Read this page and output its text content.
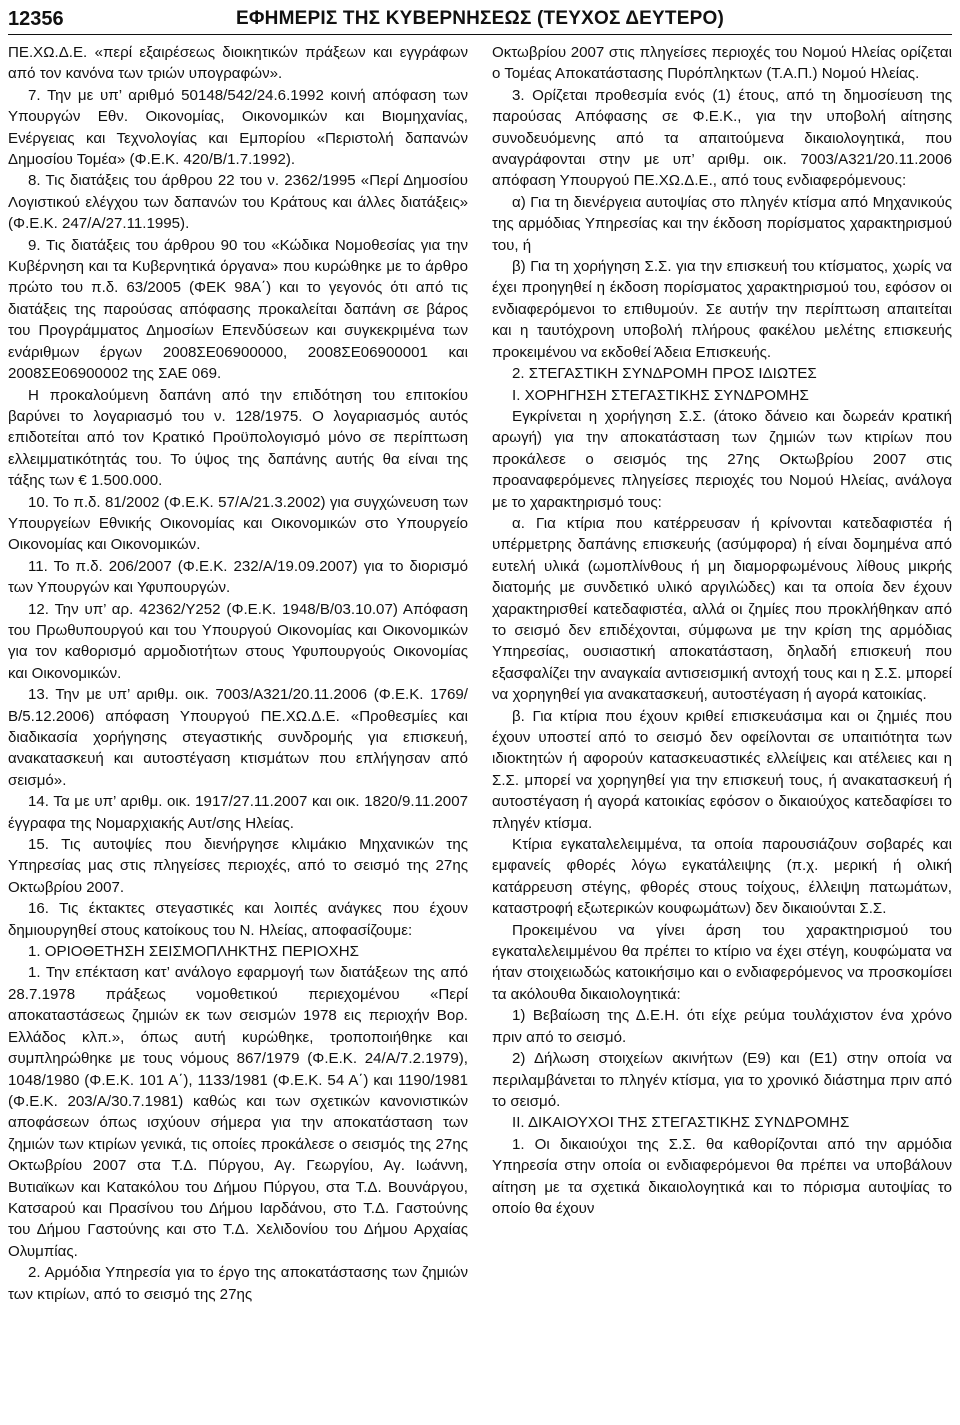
12356	ΕΦΗΜΕΡΙΣ ΤΗΣ ΚΥΒΕΡΝΗΣΕΩΣ (ΤΕΥΧΟΣ ΔΕΥΤΕΡΟ)

ΠΕ.ΧΩ.Δ.Ε. «περί εξαιρέσεως διοικητικών πράξεων και εγγράφων από τον κανόνα των τριών υπογραφών».

7. Την με υπ’ αριθμό 50148/542/24.6.1992 κοινή απόφαση των Υπουργών Εθν. Οικονομίας, Οικονομικών και Βιομηχανίας, Ενέργειας και Τεχνολογίας και Εμπορίου «Περιστολή δαπανών Δημοσίου Τομέα» (Φ.Ε.Κ. 420/Β/1.7.1992).

8. Τις διατάξεις του άρθρου 22 του ν. 2362/1995 «Περί Δημοσίου Λογιστικού ελέγχου των δαπανών του Κράτους και άλλες διατάξεις» (Φ.Ε.Κ. 247/Α/27.11.1995).

9. Τις διατάξεις του άρθρου 90 του «Κώδικα Νομοθεσίας για την Κυβέρνηση και τα Κυβερνητικά όργανα» που κυρώθηκε με το άρθρο πρώτο του π.δ. 63/2005 (ΦΕΚ 98Α΄) και το γεγονός ότι από τις διατάξεις της παρούσας απόφασης προκαλείται δαπάνη σε βάρος του Προγράμματος Δημοσίων Επενδύσεων και συγκεκριμένα των ενάριθμων έργων 2008ΣΕ06900000, 2008ΣΕ06900001 και 2008ΣΕ06900002 της ΣΑΕ 069.

Η προκαλούμενη δαπάνη από την επιδότηση του επιτοκίου βαρύνει το λογαριασμό του ν. 128/1975. Ο λογαριασμός αυτός επιδοτείται από τον Κρατικό Προϋπολογισμό μόνο σε περίπτωση ελλειμματικότητάς του. Το ύψος της δαπάνης αυτής θα είναι της τάξης των € 1.500.000.

10. Το π.δ. 81/2002 (Φ.Ε.Κ. 57/Α/21.3.2002) για συγχώνευση των Υπουργείων Εθνικής Οικονομίας και Οικονομικών στο Υπουργείο Οικονομίας και Οικονομικών.

11. Το π.δ. 206/2007 (Φ.Ε.Κ. 232/Α/19.09.2007) για το διορισμό των Υπουργών και Υφυπουργών.

12. Την υπ’ αρ. 42362/Υ252 (Φ.Ε.Κ. 1948/Β/03.10.07) Απόφαση του Πρωθυπουργού και του Υπουργού Οικονομίας και Οικονομικών για τον καθορισμό αρμοδιοτήτων στους Υφυπουργούς Οικονομίας και Οικονομικών.

13. Την με υπ’ αριθμ. οικ. 7003/Α321/20.11.2006 (Φ.Ε.Κ. 1769/Β/5.12.2006) απόφαση Υπουργού ΠΕ.ΧΩ.Δ.Ε. «Προθεσμίες και διαδικασία χορήγησης στεγαστικής συνδρομής για επισκευή, ανακατασκευή και αυτοστέγαση κτισμάτων που επλήγησαν από σεισμό».

14. Τα με υπ’ αριθμ. οικ. 1917/27.11.2007 και οικ. 1820/9.11.2007 έγγραφα της Νομαρχιακής Αυτ/σης Ηλείας.

15. Τις αυτοψίες που διενήργησε κλιμάκιο Μηχανικών της Υπηρεσίας μας στις πληγείσες περιοχές, από το σεισμό της 27ης Οκτωβρίου 2007.

16. Τις έκτακτες στεγαστικές και λοιπές ανάγκες που έχουν δημιουργηθεί στους κατοίκους του Ν. Ηλείας, αποφασίζουμε:

1. ΟΡΙΟΘΕΤΗΣΗ ΣΕΙΣΜΟΠΛΗΚΤΗΣ ΠΕΡΙΟΧΗΣ

1. Την επέκταση κατ’ ανάλογο εφαρμογή των διατάξεων της από 28.7.1978 πράξεως νομοθετικού περιεχομένου «Περί αποκαταστάσεως ζημιών εκ των σεισμών 1978 εις περιοχήν Βορ. Ελλάδος κλπ.», όπως αυτή κυρώθηκε, τροποποιήθηκε και συμπληρώθηκε με τους νόμους 867/1979 (Φ.Ε.Κ. 24/Α/7.2.1979), 1048/1980 (Φ.Ε.Κ. 101 Α΄), 1133/1981 (Φ.Ε.Κ. 54 Α΄) και 1190/1981 (Φ.Ε.Κ. 203/Α/30.7.1981) καθώς και των σχετικών κανονιστικών αποφάσεων όπως ισχύουν σήμερα για την αποκατάσταση των ζημιών των κτιρίων γενικά, τις οποίες προκάλεσε ο σεισμός της 27ης Οκτωβρίου 2007 στα Τ.Δ. Πύργου, Αγ. Γεωργίου, Αγ. Ιωάννη, Βυτιαϊκων και Κατακόλου του Δήμου Πύργου, στα Τ.Δ. Βουνάργου, Κατσαρού και Πρασίνου του Δήμου Ιαρδάνου, στο Τ.Δ. Γαστούνης του Δήμου Γαστούνης και στο Τ.Δ. Χελιδονίου του Δήμου Αρχαίας Ολυμπίας.

2. Αρμόδια Υπηρεσία για το έργο της αποκατάστασης των ζημιών των κτιρίων, από το σεισμό της 27ης

Οκτωβρίου 2007 στις πληγείσες περιοχές του Νομού Ηλείας ορίζεται ο Τομέας Αποκατάστασης Πυρόπληκτων (Τ.Α.Π.) Νομού Ηλείας.

3. Ορίζεται προθεσμία ενός (1) έτους, από τη δημοσίευση της παρούσας Απόφασης σε Φ.Ε.Κ., για την υποβολή αίτησης συνοδευόμενης από τα απαιτούμενα δικαιολογητικά, που αναγράφονται στην με υπ’ αριθμ. οικ. 7003/Α321/20.11.2006 απόφαση Υπουργού ΠΕ.ΧΩ.Δ.Ε., από τους ενδιαφερόμενους:

α) Για τη διενέργεια αυτοψίας στο πληγέν κτίσμα από Μηχανικούς της αρμόδιας Υπηρεσίας και την έκδοση πορίσματος χαρακτηρισμού του, ή

β) Για τη χορήγηση Σ.Σ. για την επισκευή του κτίσματος, χωρίς να έχει προηγηθεί η έκδοση πορίσματος χαρακτηρισμού του, εφόσον οι ενδιαφερόμενοι το επιθυμούν. Σε αυτήν την περίπτωση απαιτείται και η ταυτόχρονη υποβολή πλήρους φακέλου μελέτης επισκευής προκειμένου να εκδοθεί Άδεια Επισκευής.

2. ΣΤΕΓΑΣΤΙΚΗ ΣΥΝΔΡΟΜΗ ΠΡΟΣ ΙΔΙΩΤΕΣ

Ι. ΧΟΡΗΓΗΣΗ ΣΤΕΓΑΣΤΙΚΗΣ ΣΥΝΔΡΟΜΗΣ

Εγκρίνεται η χορήγηση Σ.Σ. (άτοκο δάνειο και δωρεάν κρατική αρωγή) για την αποκατάσταση των ζημιών των κτιρίων που προκάλεσε ο σεισμός της 27ης Οκτωβρίου 2007 στις προαναφερόμενες πληγείσες περιοχές του Νομού Ηλείας, ανάλογα με το χαρακτηρισμό τους:

α. Για κτίρια που κατέρρευσαν ή κρίνονται κατεδαφιστέα ή υπέρμετρης δαπάνης επισκευής (ασύμφορα) ή είναι δομημένα από ευτελή υλικά (ωμοπλίνθους ή μη διαμορφωμένους λίθους μικρής διατομής με συνδετικό υλικό αργιλώδες) και τα οποία δεν έχουν χαρακτηρισθεί κατεδαφιστέα, αλλά οι ζημίες που προκλήθηκαν από το σεισμό δεν επιδέχονται, σύμφωνα με την κρίση της αρμόδιας Υπηρεσίας, ουσιαστική αποκατάσταση, δηλαδή επισκευή που εξασφαλίζει την αναγκαία αντισεισμική αντοχή τους και η Σ.Σ. μπορεί να χορηγηθεί για ανακατασκευή, αυτοστέγαση ή αγορά κατοικίας.

β. Για κτίρια που έχουν κριθεί επισκευάσιμα και οι ζημιές που έχουν υποστεί από το σεισμό δεν οφείλονται σε υπαιτιότητα των ιδιοκτητών ή αφορούν κατασκευαστικές ελλείψεις και ατέλειες και η Σ.Σ. μπορεί να χορηγηθεί για την επισκευή τους, ή ανακατασκευή ή αυτοστέγαση ή αγορά κατοικίας εφόσον ο δικαιούχος κατεδαφίσει το πληγέν κτίσμα.

Κτίρια εγκαταλελειμμένα, τα οποία παρουσιάζουν σοβαρές και εμφανείς φθορές λόγω εγκατάλειψης (π.χ. μερική ή ολική κατάρρευση στέγης, φθορές στους τοίχους, έλλειψη πατωμάτων, καταστροφή εξωτερικών κουφωμάτων) δεν δικαιούνται Σ.Σ.

Προκειμένου να γίνει άρση του χαρακτηρισμού του εγκαταλελειμμένου θα πρέπει το κτίριο να έχει στέγη, κουφώματα να ήταν στοιχειωδώς κατοικήσιμο και ο ενδιαφερόμενος να προσκομίσει τα ακόλουθα δικαιολογητικά:

1) Βεβαίωση της Δ.Ε.Η. ότι είχε ρεύμα τουλάχιστον ένα χρόνο πριν από το σεισμό.

2) Δήλωση στοιχείων ακινήτων (Ε9) και (Ε1) στην οποία να περιλαμβάνεται το πληγέν κτίσμα, για το χρονικό διάστημα πριν από το σεισμό.

ΙΙ. ΔΙΚΑΙΟΥΧΟΙ ΤΗΣ ΣΤΕΓΑΣΤΙΚΗΣ ΣΥΝΔΡΟΜΗΣ

1. Οι δικαιούχοι της Σ.Σ. θα καθορίζονται από την αρμόδια Υπηρεσία στην οποία οι ενδιαφερόμενοι θα πρέπει να υποβάλουν αίτηση με τα σχετικά δικαιολογητικά και το πόρισμα αυτοψίας το οποίο θα έχουν
